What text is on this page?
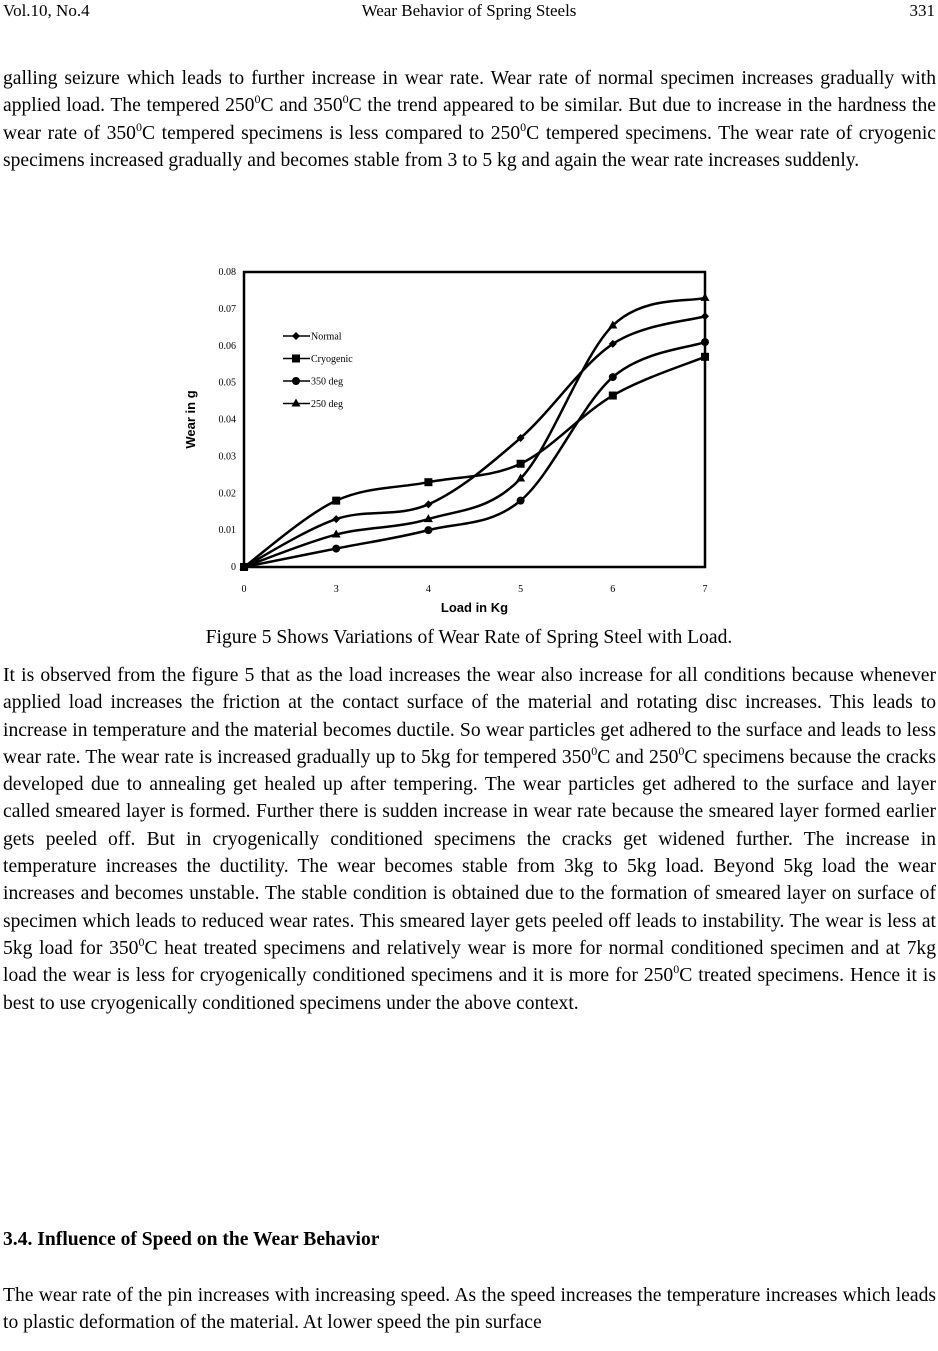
Vol.10, No.4	Wear Behavior of Spring Steels	331

galling seizure which leads to further increase in wear rate. Wear rate of normal specimen increases gradually with applied load. The tempered $250^0C$ and $350^0C$ the trend appeared to be similar. But due to increase in the hardness the wear rate of $350^0C$ tempered specimens is less compared to $250^0C$ tempered specimens. The wear rate of cryogenic specimens increased gradually and becomes stable from 3 to 5 kg and again the wear rate increases suddenly.

0
0.01
0.02
0.03
0.04
0.05
0.06
0.07
0.08
0	3	4	5	6	7
Load in Kg
Wear in g
Normal
Cryogenic
350 deg
250 deg
Figure 5 Shows Variations of Wear Rate of Spring Steel with Load.

It is observed from the figure 5 that as the load increases the wear also increase for all conditions because whenever applied load increases the friction at the contact surface of the material and rotating disc increases. This leads to increase in temperature and the material becomes ductile. So wear particles get adhered to the surface and leads to less wear rate. The wear rate is increased gradually up to 5kg for tempered $350^0C$ and $250^0C$ specimens because the cracks developed due to annealing get healed up after tempering. The wear particles get adhered to the surface and layer called smeared layer is formed. Further there is sudden increase in wear rate because the smeared layer formed earlier gets peeled off. But in cryogenically conditioned specimens the cracks get widened further. The increase in temperature increases the ductility. The wear becomes stable from 3kg to 5kg load. Beyond 5kg load the wear increases and becomes unstable. The stable condition is obtained due to the formation of smeared layer on surface of specimen which leads to reduced wear rates. This smeared layer gets peeled off leads to instability. The wear is less at 5kg load for $350^0C$ heat treated specimens and relatively wear is more for normal conditioned specimen and at 7kg load the wear is less for cryogenically conditioned specimens and it is more for $250^0C$ treated specimens. Hence it is best to use cryogenically conditioned specimens under the above context.

3.4. Influence of Speed on the Wear Behavior

The wear rate of the pin increases with increasing speed. As the speed increases the temperature increases which leads to plastic deformation of the material. At lower speed the pin surface
